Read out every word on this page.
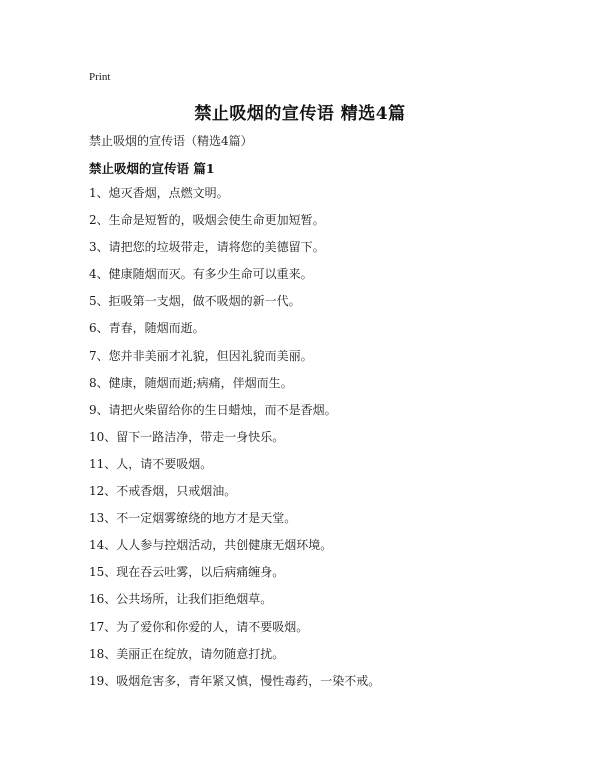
Print
禁止吸烟的宣传语 精选4篇
禁止吸烟的宣传语（精选4篇）
禁止吸烟的宣传语 篇1
1、熄灭香烟，点燃文明。
2、生命是短暂的，吸烟会使生命更加短暂。
3、请把您的垃圾带走，请将您的美德留下。
4、健康随烟而灭。有多少生命可以重来。
5、拒吸第一支烟，做不吸烟的新一代。
6、青春，随烟而逝。
7、您并非美丽才礼貌，但因礼貌而美丽。
8、健康，随烟而逝;病痛，伴烟而生。
9、请把火柴留给你的生日蜡烛，而不是香烟。
10、留下一路洁净，带走一身快乐。
11、人，请不要吸烟。
12、不戒香烟，只戒烟油。
13、不一定烟雾缭绕的地方才是天堂。
14、人人参与控烟活动，共创健康无烟环境。
15、现在吞云吐雾，以后病痛缠身。
16、公共场所，让我们拒绝烟草。
17、为了爱你和你爱的人，请不要吸烟。
18、美丽正在绽放，请勿随意打扰。
19、吸烟危害多，青年紧又慎，慢性毒药，一染不戒。
